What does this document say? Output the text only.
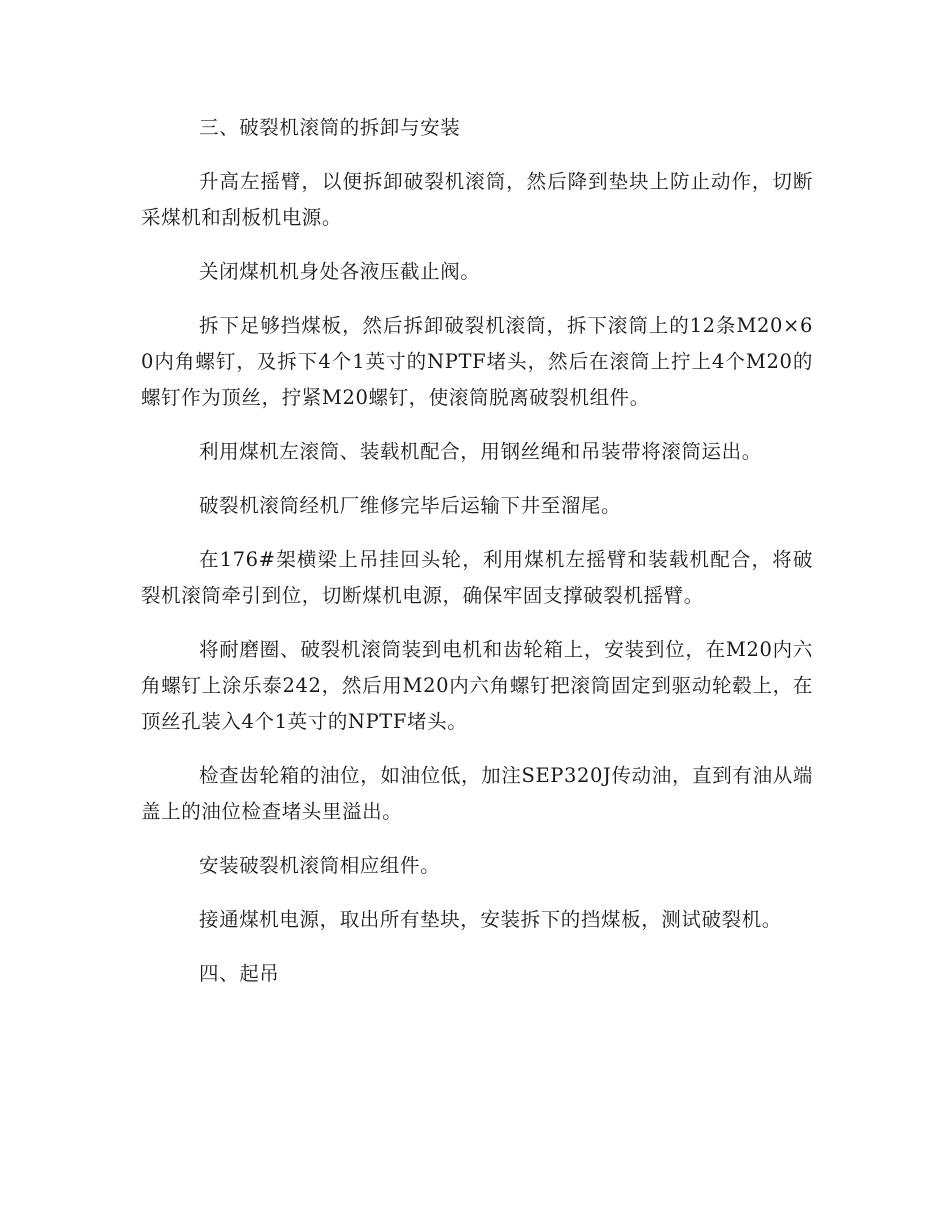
三、破裂机滚筒的拆卸与安装

升高左摇臂，以便拆卸破裂机滚筒，然后降到垫块上防止动作，切断采煤机和刮板机电源。

关闭煤机机身处各液压截止阀。

拆下足够挡煤板，然后拆卸破裂机滚筒，拆下滚筒上的12条M20×60内角螺钉，及拆下4个1英寸的NPTF堵头，然后在滚筒上拧上4个M20的螺钉作为顶丝，拧紧M20螺钉，使滚筒脱离破裂机组件。

利用煤机左滚筒、装载机配合，用钢丝绳和吊装带将滚筒运出。

破裂机滚筒经机厂维修完毕后运输下井至溜尾。

在176#架横梁上吊挂回头轮，利用煤机左摇臂和装载机配合，将破裂机滚筒牵引到位，切断煤机电源，确保牢固支撑破裂机摇臂。

将耐磨圈、破裂机滚筒装到电机和齿轮箱上，安装到位，在M20内六角螺钉上涂乐泰242，然后用M20内六角螺钉把滚筒固定到驱动轮毂上，在顶丝孔装入4个1英寸的NPTF堵头。

检查齿轮箱的油位，如油位低，加注SEP320J传动油，直到有油从端盖上的油位检查堵头里溢出。

安装破裂机滚筒相应组件。

接通煤机电源，取出所有垫块，安装拆下的挡煤板，测试破裂机。

四、起吊
